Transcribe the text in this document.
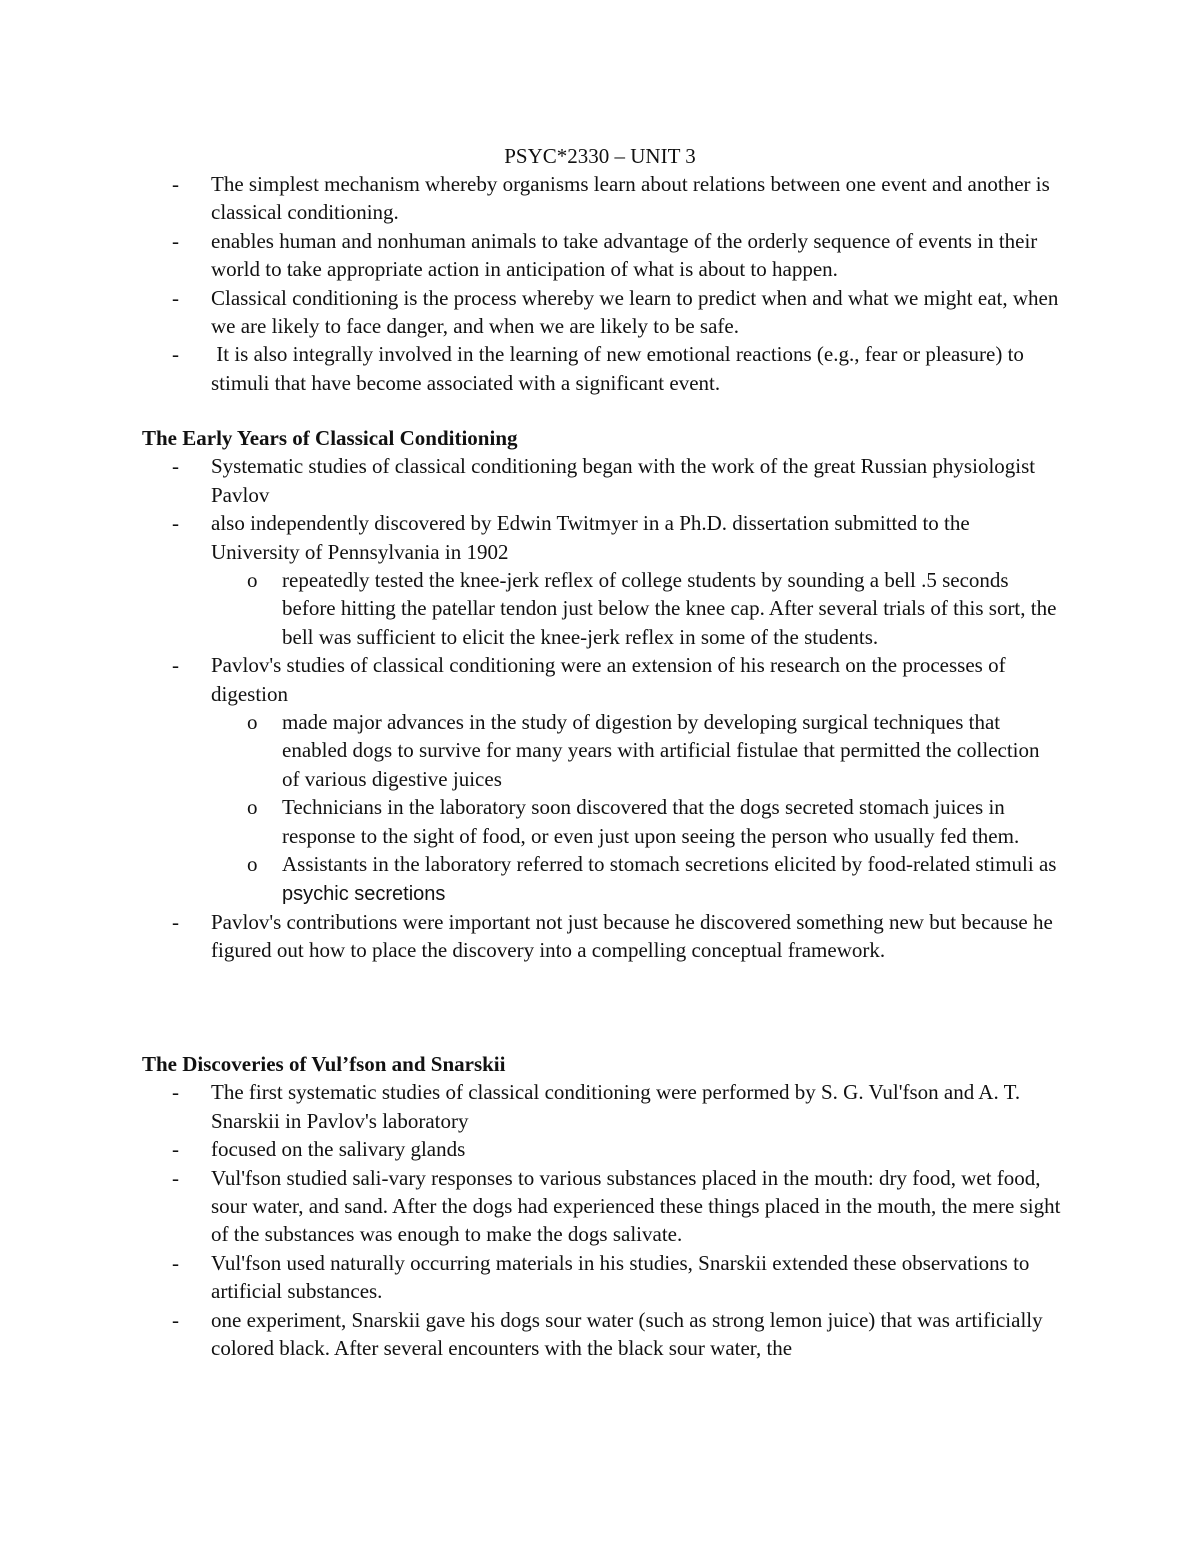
PSYC*2330 – UNIT 3
- The simplest mechanism whereby organisms learn about relations between one event and another is classical conditioning.
- enables human and nonhuman animals to take advantage of the orderly sequence of events in their world to take appropriate action in anticipation of what is about to happen.
- Classical conditioning is the process whereby we learn to predict when and what we might eat, when we are likely to face danger, and when we are likely to be safe.
- It is also integrally involved in the learning of new emotional reactions (e.g., fear or pleasure) to stimuli that have become associated with a significant event.
The Early Years of Classical Conditioning
- Systematic studies of classical conditioning began with the work of the great Russian physiologist Pavlov
- also independently discovered by Edwin Twitmyer in a Ph.D. dissertation submitted to the University of Pennsylvania in 1902
o repeatedly tested the knee-jerk reflex of college students by sounding a bell .5 seconds before hitting the patellar tendon just below the knee cap. After several trials of this sort, the bell was sufficient to elicit the knee-jerk reflex in some of the students.
- Pavlov's studies of classical conditioning were an extension of his research on the processes of digestion
o made major advances in the study of digestion by developing surgical techniques that enabled dogs to survive for many years with artificial fistulae that permitted the collection of various digestive juices
o Technicians in the laboratory soon discovered that the dogs secreted stomach juices in response to the sight of food, or even just upon seeing the person who usually fed them.
o Assistants in the laboratory referred to stomach secretions elicited by food-related stimuli as psychic secretions
- Pavlov's contributions were important not just because he discovered something new but because he figured out how to place the discovery into a compelling conceptual framework.
The Discoveries of Vul’fson and Snarskii
- The first systematic studies of classical conditioning were performed by S. G. Vul'fson and A. T. Snarskii in Pavlov's laboratory
- focused on the salivary glands
- Vul'fson studied sali-vary responses to various substances placed in the mouth: dry food, wet food, sour water, and sand. After the dogs had experienced these things placed in the mouth, the mere sight of the substances was enough to make the dogs salivate.
- Vul'fson used naturally occurring materials in his studies, Snarskii extended these observations to artificial substances.
- one experiment, Snarskii gave his dogs sour water (such as strong lemon juice) that was artificially colored black. After several encounters with the black sour water, the
